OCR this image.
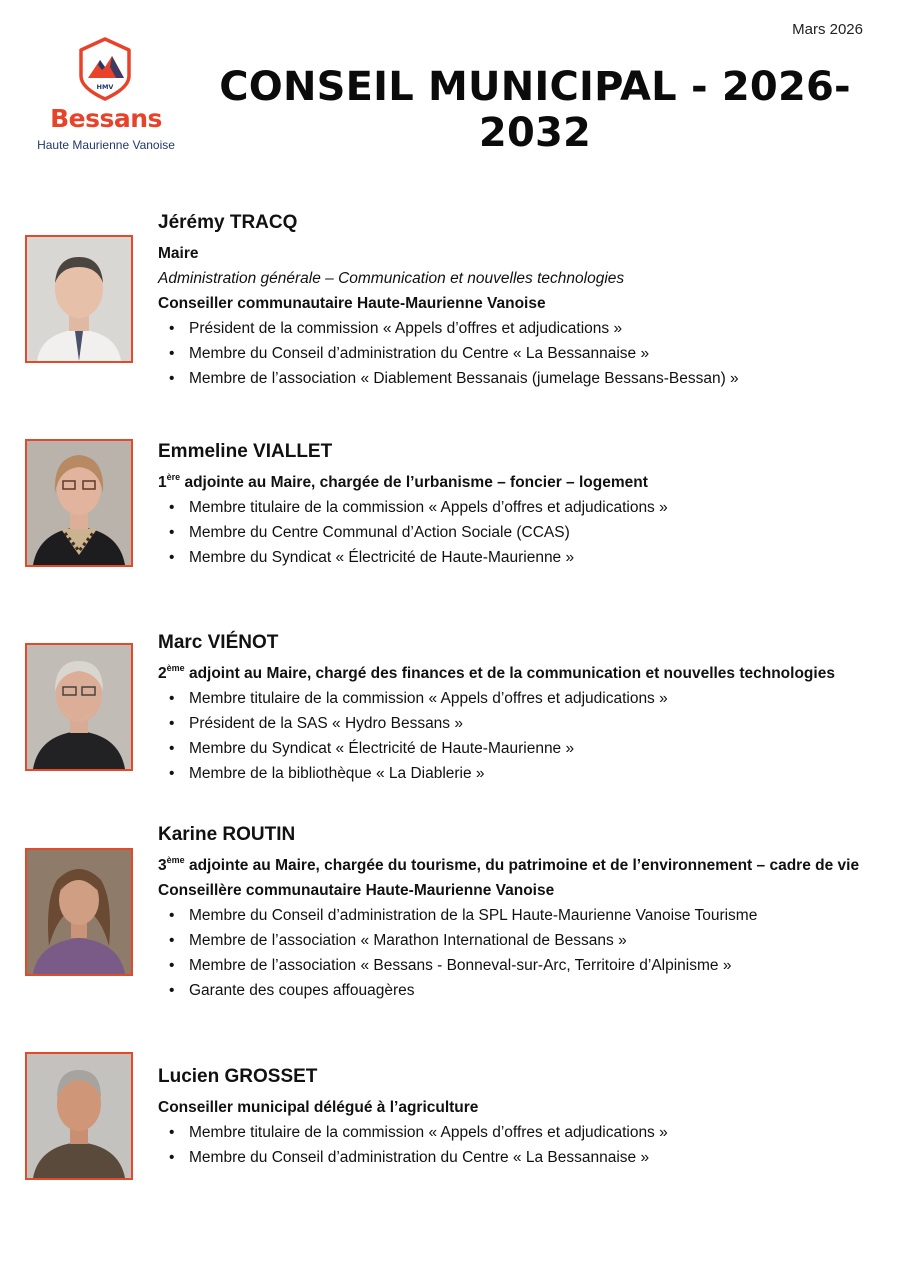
Mars 2026
HMV
Bessans
Haute Maurienne Vanoise
CONSEIL MUNICIPAL - 2026-2032

Jérémy TRACQ

Maire

Administration générale – Communication et nouvelles technologies

Conseiller communautaire Haute-Maurienne Vanoise

• Président de la commission « Appels d’offres et adjudications »
• Membre du Conseil d’administration du Centre « La Bessannaise »
• Membre de l’association « Diablement Bessanais (jumelage Bessans-Bessan) »

Emmeline VIALLET

1ère adjointe au Maire, chargée de l’urbanisme – foncier – logement

• Membre titulaire de la commission « Appels d’offres et adjudications »
• Membre du Centre Communal d’Action Sociale (CCAS)
• Membre du Syndicat « Électricité de Haute-Maurienne »

Marc VIÉNOT

2ème adjoint au Maire, chargé des finances et de la communication et nouvelles technologies

• Membre titulaire de la commission « Appels d’offres et adjudications »
• Président de la SAS « Hydro Bessans »
• Membre du Syndicat « Électricité de Haute-Maurienne »
• Membre de la bibliothèque « La Diablerie »

Karine ROUTIN

3ème adjointe au Maire, chargée du tourisme, du patrimoine et de l’environnement – cadre de vie

Conseillère communautaire Haute-Maurienne Vanoise

• Membre du Conseil d’administration de la SPL Haute-Maurienne Vanoise Tourisme
• Membre de l’association « Marathon International de Bessans »
• Membre de l’association « Bessans - Bonneval-sur-Arc, Territoire d’Alpinisme »
• Garante des coupes affouagères

Lucien GROSSET

Conseiller municipal délégué à l’agriculture

• Membre titulaire de la commission « Appels d’offres et adjudications »
• Membre du Conseil d’administration du Centre « La Bessannaise »
